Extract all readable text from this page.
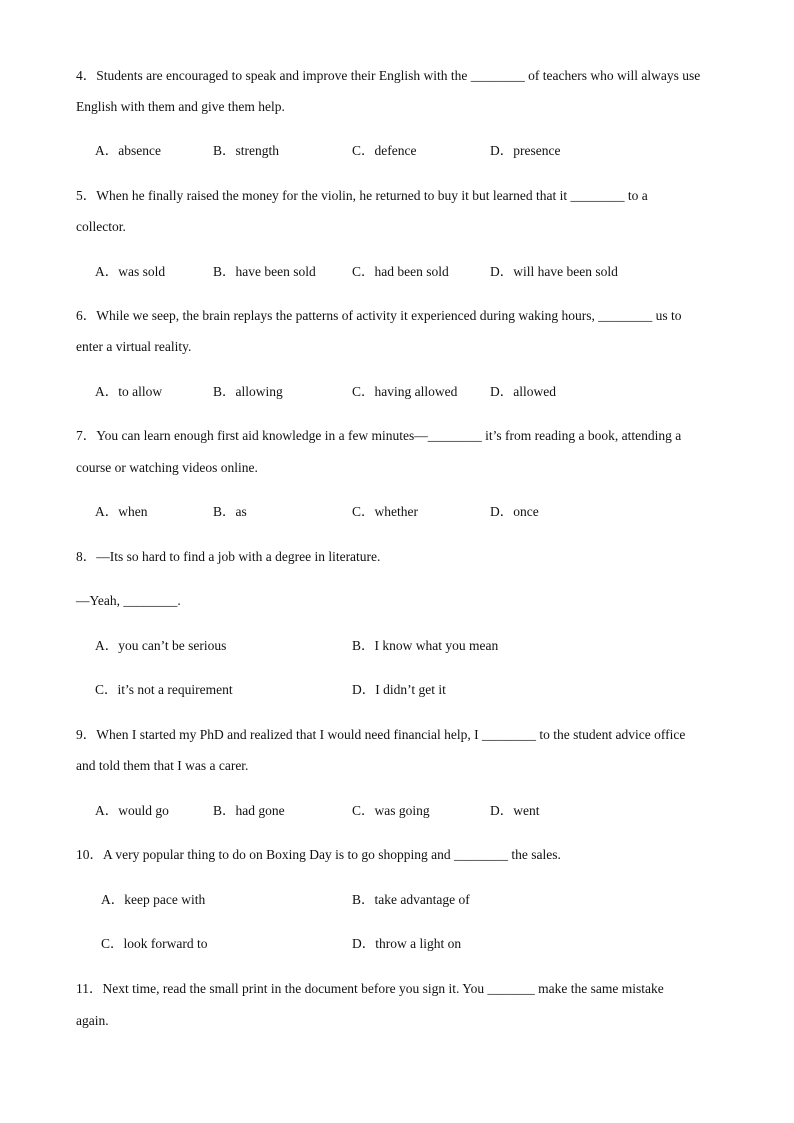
4．Students are encouraged to speak and improve their English with the ________ of teachers who will always use
English with them and give them help.
A．absence	B．strength	C．defence	D．presence
5．When he finally raised the money for the violin, he returned to buy it but learned that it ________ to a
collector.
A．was sold	B．have been sold	C．had been sold	D．will have been sold
6．While we seep, the brain replays the patterns of activity it experienced during waking hours, ________ us to
enter a virtual reality.
A．to allow	B．allowing	C．having allowed D．allowed
7．You can learn enough first aid knowledge in a few minutes—________ it’s from reading a book, attending a
course or watching videos online.
A．when	B．as	C．whether	D．once
8．—Its so hard to find a job with a degree in literature.
—Yeah, ________.
A．you can’t be serious	B．I know what you mean
C．it’s not a requirement	D．I didn’t get it
9．When I started my PhD and realized that I would need financial help, I ________ to the student advice office
and told them that I was a carer.
A．would go	B．had gone	C．was going	D．went
10．A very popular thing to do on Boxing Day is to go shopping and ________ the sales.
A．keep pace with	B．take advantage of
C．look forward to	D．throw a light on
11．Next time, read the small print in the document before you sign it. You _______ make the same mistake
again.
